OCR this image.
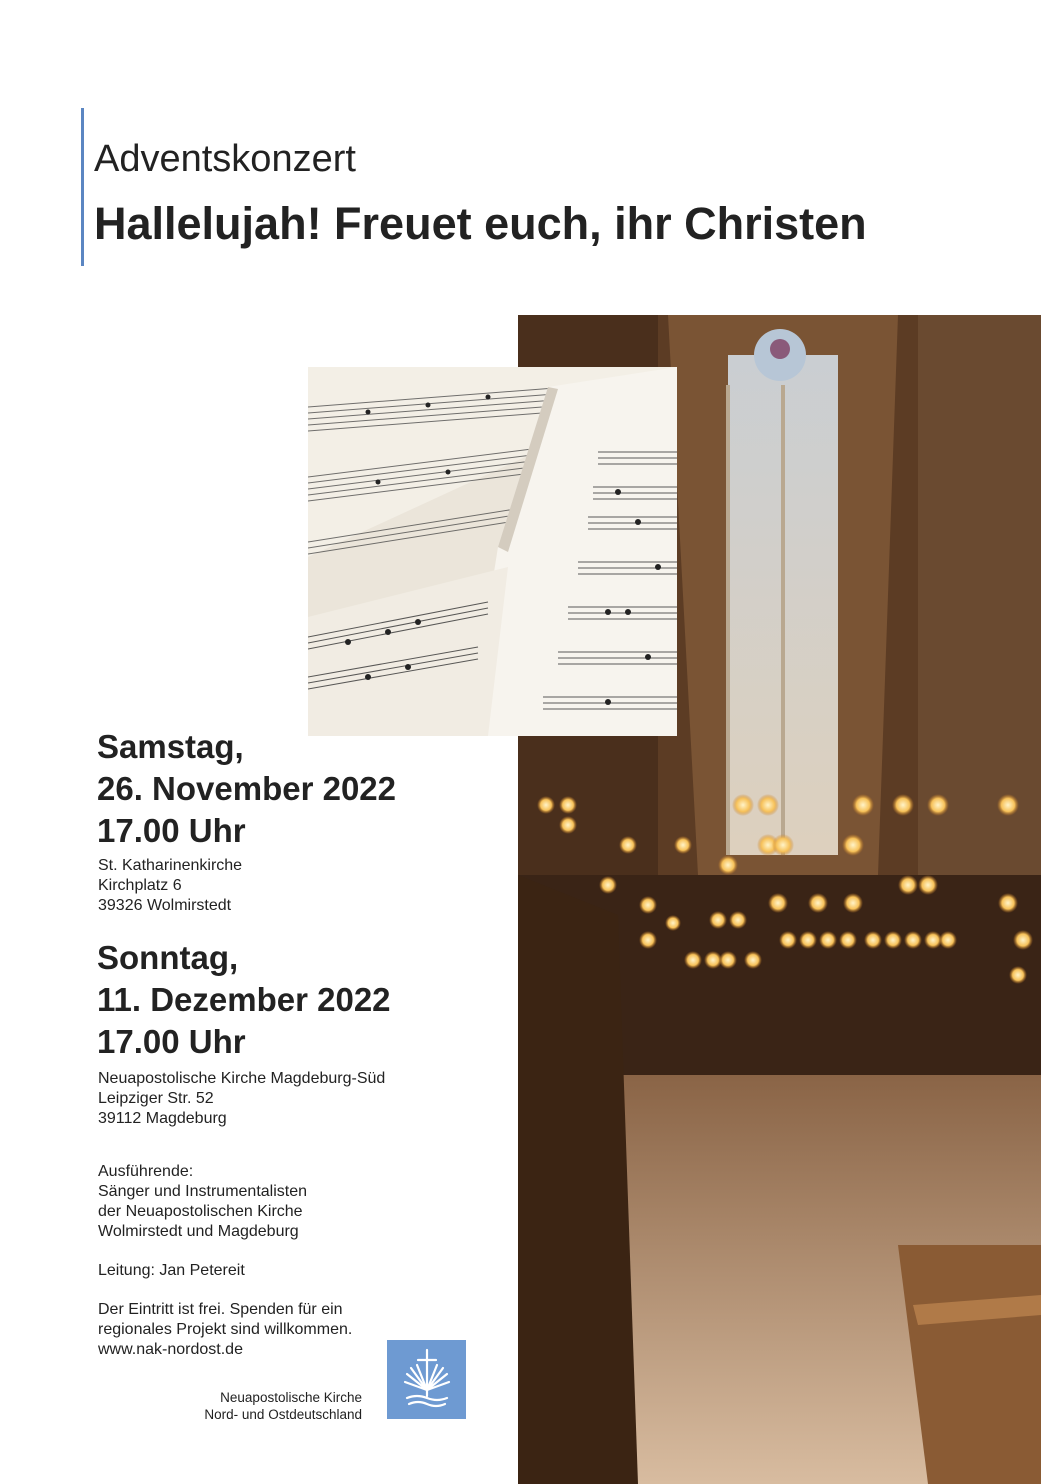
Adventskonzert
Hallelujah! Freuet euch, ihr Christen
Samstag,
26. November 2022
17.00 Uhr
St. Katharinenkirche
Kirchplatz 6
39326 Wolmirstedt
Sonntag,
11. Dezember 2022
17.00 Uhr
Neuapostolische Kirche Magdeburg-Süd
Leipziger Str. 52
39112 Magdeburg
Ausführende:
Sänger und Instrumentalisten
der Neuapostolischen Kirche
Wolmirstedt und Magdeburg
Leitung: Jan Petereit
Der Eintritt ist frei. Spenden für ein
regionales Projekt sind willkommen.
www.nak-nordost.de
Neuapostolische Kirche
Nord- und Ostdeutschland
